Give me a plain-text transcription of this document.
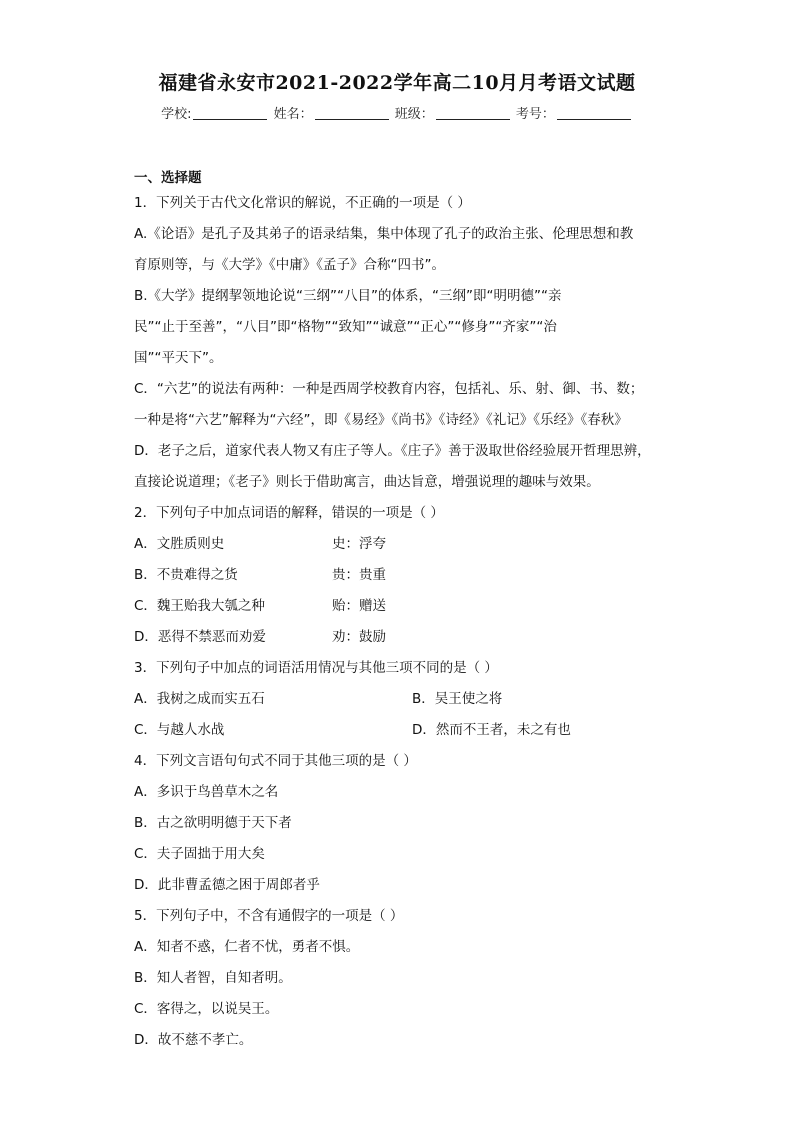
福建省永安市2021-2022学年高二10月月考语文试题
学校:	姓名：	班级：	考号：
一、选择题
1．下列关于古代文化常识的解说，不正确的一项是（ ）
A.《论语》是孔子及其弟子的语录结集，集中体现了孔子的政治主张、伦理思想和教
育原则等，与《大学》《中庸》《孟子》合称“四书”。
B.《大学》提纲挈领地论说“三纲”“八目”的体系，“三纲”即“明明德”“亲
民”“止于至善”，“八目”即“格物”“致知”“诚意”“正心”“修身”“齐家”“治
国”“平天下”。
C．“六艺”的说法有两种：一种是西周学校教育内容，包括礼、乐、射、御、书、数；
一种是将“六艺”解释为“六经”，即《易经》《尚书》《诗经》《礼记》《乐经》《春秋》
D．老子之后，道家代表人物又有庄子等人。《庄子》善于汲取世俗经验展开哲理思辨，
直接论说道理；《老子》则长于借助寓言，曲达旨意，增强说理的趣味与效果。
2．下列句子中加点词语的解释，错误的一项是（ ）
A．文胜质则史	史：浮夸
B．不贵难得之货	贵：贵重
C．魏王贻我大瓠之种	贻：赠送
D．恶得不禁恶而劝爱	劝：鼓励
3．下列句子中加点的词语活用情况与其他三项不同的是（ ）
A．我树之成而实五石	B．吴王使之将
C．与越人水战	D．然而不王者，未之有也
4．下列文言语句句式不同于其他三项的是（ ）
A．多识于鸟兽草木之名
B．古之欲明明德于天下者
C．夫子固拙于用大矣
D．此非曹孟德之困于周郎者乎
5．下列句子中，不含有通假字的一项是（ ）
A．知者不惑，仁者不忧，勇者不惧。
B．知人者智，自知者明。
C．客得之，以说吴王。
D．故不慈不孝亡。
